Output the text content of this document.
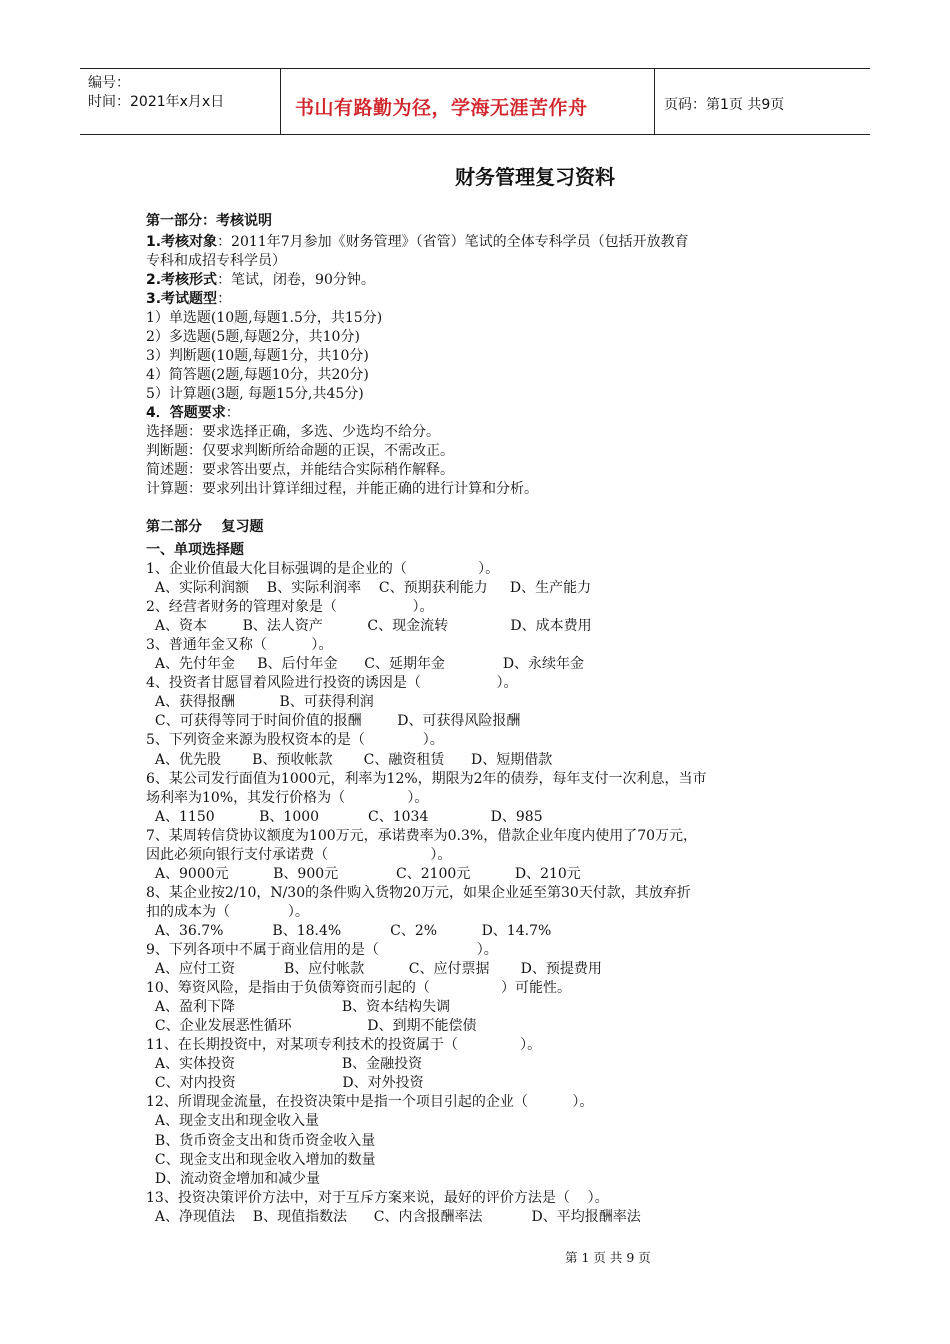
编号：
时间：2021年x月x日	书山有路勤为径，学海无涯苦作舟	页码：第1页 共9页
财务管理复习资料
第一部分：考核说明
1.考核对象：2011年7月参加《财务管理》（省管）笔试的全体专科学员（包括开放教育
专科和成招专科学员）
2.考核形式：笔试，闭卷，90分钟。
3.考试题型：
1）单选题(10题,每题1.5分，共15分)
2）多选题(5题,每题2分，共10分)
3）判断题(10题,每题1分，共10分)
4）简答题(2题,每题10分，共20分)
5）计算题(3题, 每题15分,共45分)
4．答题要求：
选择题：要求选择正确，多选、少选均不给分。
判断题：仅要求判断所给命题的正误，不需改正。
简述题：要求答出要点，并能结合实际稍作解释。
计算题：要求列出计算详细过程，并能正确的进行计算和分析。
第二部分    复习题
一、单项选择题
1、企业价值最大化目标强调的是企业的（                ）。
A、实际利润额    B、实际利润率    C、预期获利能力     D、生产能力
2、经营者财务的管理对象是（                 ）。
A、资本        B、法人资产          C、现金流转              D、成本费用
3、普通年金又称（          ）。
A、先付年金     B、后付年金      C、延期年金             D、永续年金
4、投资者甘愿冒着风险进行投资的诱因是（                 ）。
A、获得报酬          B、可获得利润
C、可获得等同于时间价值的报酬        D、可获得风险报酬
5、下列资金来源为股权资本的是（             ）。
A、优先股       B、预收帐款       C、融资租赁      D、短期借款
6、某公司发行面值为1000元，利率为12%，期限为2年的债券，每年支付一次利息，当市
场利率为10%，其发行价格为（              ）。
A、1150          B、1000           C、1034              D、985
7、某周转信贷协议额度为100万元，承诺费率为0.3%，借款企业年度内使用了70万元，
因此必须向银行支付承诺费（                       ）。
A、9000元          B、900元             C、2100元          D、210元
8、某企业按2/10，N/30的条件购入货物20万元，如果企业延至第30天付款，其放弃折
扣的成本为（             ）。
A、36.7%           B、18.4%           C、2%          D、14.7%
9、下列各项中不属于商业信用的是（                      ）。
A、应付工资           B、应付帐款          C、应付票据       D、预提费用
10、筹资风险，是指由于负债筹资而引起的（                ）可能性。
A、盈利下降                        B、资本结构失调
C、企业发展恶性循环                 D、到期不能偿债
11、在长期投资中，对某项专利技术的投资属于（              ）。
A、实体投资                        B、金融投资
C、对内投资                        D、对外投资
12、所谓现金流量，在投资决策中是指一个项目引起的企业（          ）。
A、现金支出和现金收入量
B、货币资金支出和货币资金收入量
C、现金支出和现金收入增加的数量
D、流动资金增加和减少量
13、投资决策评价方法中，对于互斥方案来说，最好的评价方法是（    ）。
A、净现值法    B、现值指数法      C、内含报酬率法           D、平均报酬率法
第 1 页 共 9 页
